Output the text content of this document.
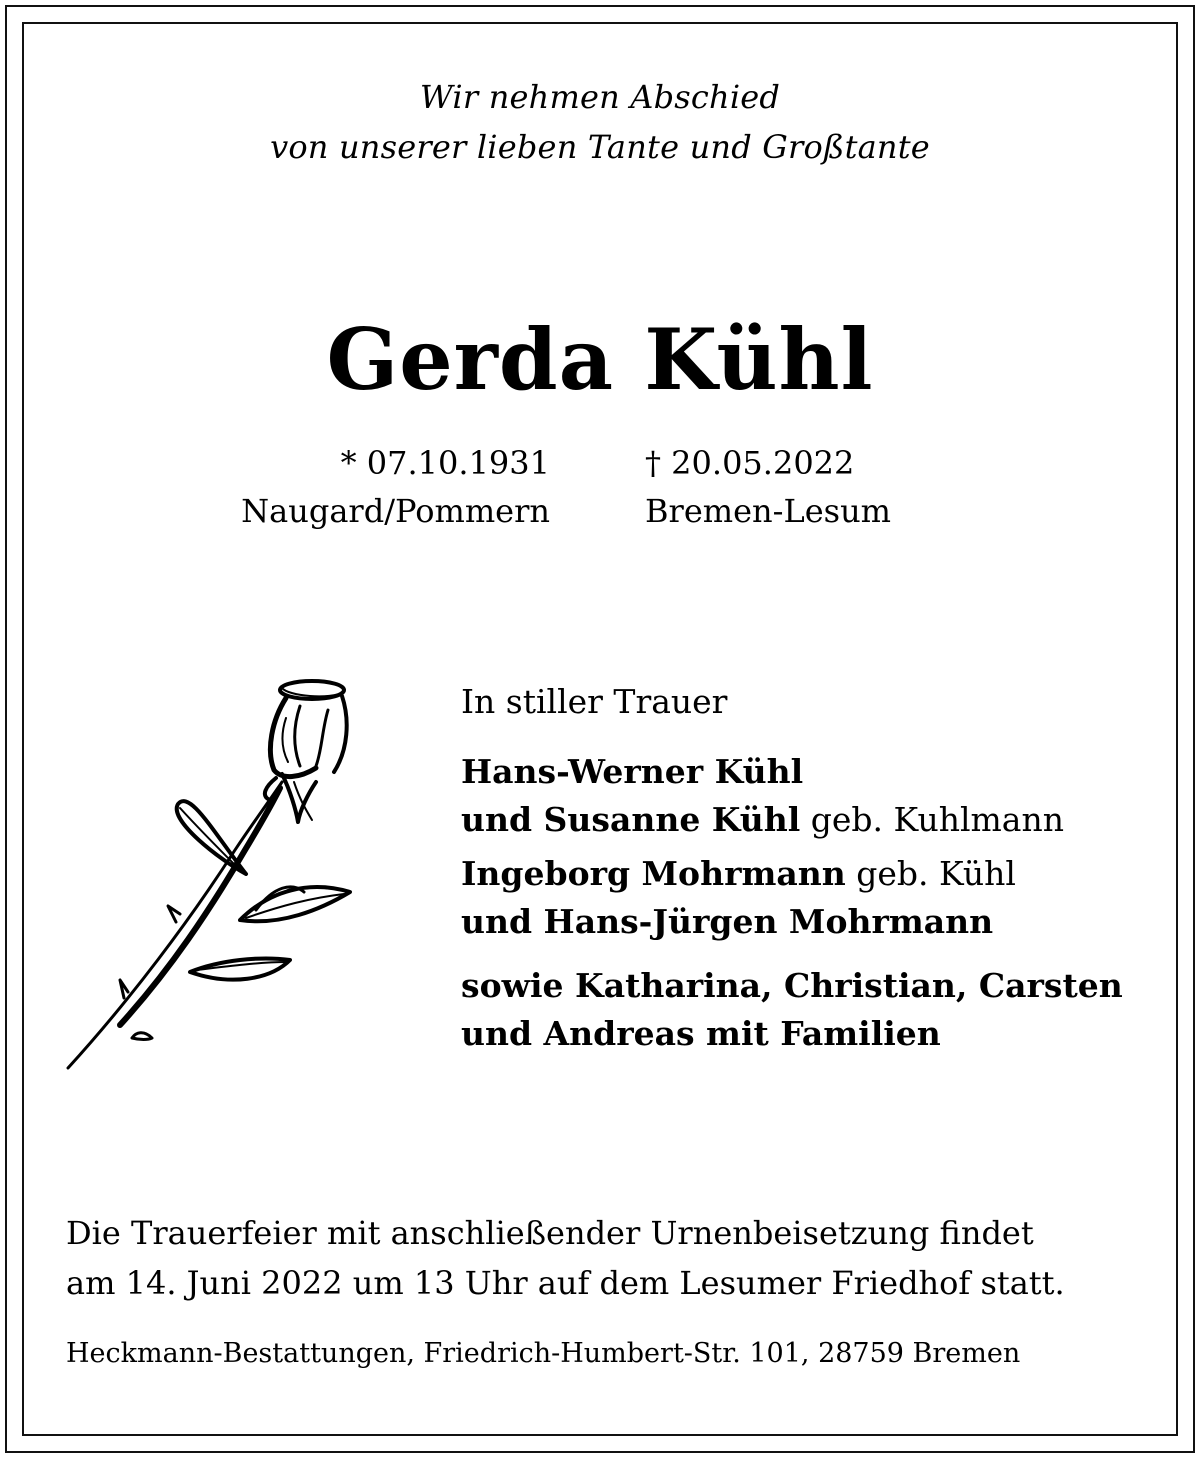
Wir nehmen Abschied
von unserer lieben Tante und Großtante
Gerda Kühl
* 07.10.1931
Naugard/Pommern
† 20.05.2022
Bremen-Lesum
In stiller Trauer
Hans-Werner Kühl
und Susanne Kühl geb. Kuhlmann
Ingeborg Mohrmann geb. Kühl
und Hans-Jürgen Mohrmann
sowie Katharina, Christian, Carsten
und Andreas mit Familien
Die Trauerfeier mit anschließender Urnenbeisetzung findet
am 14. Juni 2022 um 13 Uhr auf dem Lesumer Friedhof statt.
Heckmann-Bestattungen, Friedrich-Humbert-Str. 101, 28759 Bremen
